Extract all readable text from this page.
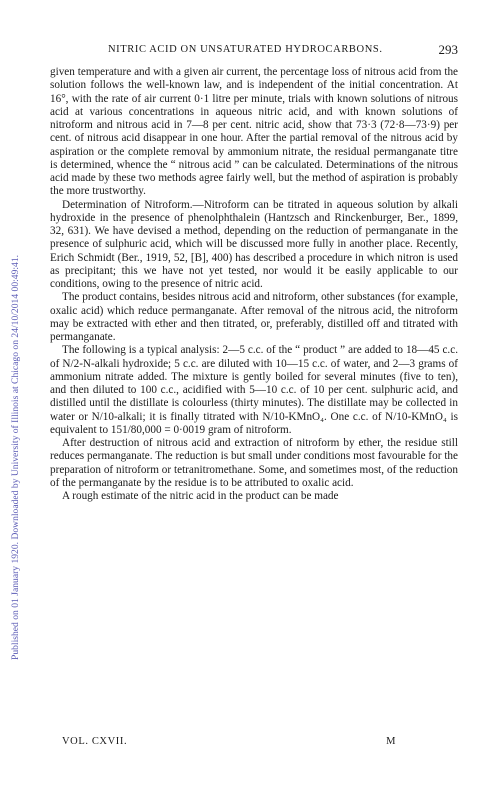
Published on 01 January 1920. Downloaded by University of Illinois at Chicago on 24/10/2014 00:49:41.
NITRIC ACID ON UNSATURATED HYDROCARBONS.	293

given temperature and with a given air current, the percentage loss of nitrous acid from the solution follows the well-known law, and is independent of the initial concentration. At 16°, with the rate of air current 0·1 litre per minute, trials with known solutions of nitrous acid at various concentrations in aqueous nitric acid, and with known solutions of nitroform and nitrous acid in 7—8 per cent. nitric acid, show that 73·3 (72·8—73·9) per cent. of nitrous acid disappear in one hour. After the partial removal of the nitrous acid by aspiration or the complete removal by ammonium nitrate, the residual permanganate titre is determined, whence the “ nitrous acid ” can be calculated. Determinations of the nitrous acid made by these two methods agree fairly well, but the method of aspiration is probably the more trustworthy.

Determination of Nitroform.—Nitroform can be titrated in aqueous solution by alkali hydroxide in the presence of phenolphthalein (Hantzsch and Rinckenburger, Ber., 1899, 32, 631). We have devised a method, depending on the reduction of permanganate in the presence of sulphuric acid, which will be discussed more fully in another place. Recently, Erich Schmidt (Ber., 1919, 52, [B], 400) has described a procedure in which nitron is used as precipitant; this we have not yet tested, nor would it be easily applicable to our conditions, owing to the presence of nitric acid.

The product contains, besides nitrous acid and nitroform, other substances (for example, oxalic acid) which reduce permanganate. After removal of the nitrous acid, the nitroform may be extracted with ether and then titrated, or, preferably, distilled off and titrated with permanganate.

The following is a typical analysis: 2—5 c.c. of the “ product ” are added to 18—45 c.c. of N/2-N-alkali hydroxide; 5 c.c. are diluted with 10—15 c.c. of water, and 2—3 grams of ammonium nitrate added. The mixture is gently boiled for several minutes (five to ten), and then diluted to 100 c.c., acidified with 5—10 c.c. of 10 per cent. sulphuric acid, and distilled until the distillate is colourless (thirty minutes). The distillate may be collected in water or N/10-alkali; it is finally titrated with N/10-KMnO₄. One c.c. of N/10-KMnO₄ is equivalent to 151/80,000 = 0·0019 gram of nitroform.

After destruction of nitrous acid and extraction of nitroform by ether, the residue still reduces permanganate. The reduction is but small under conditions most favourable for the preparation of nitroform or tetranitromethane. Some, and sometimes most, of the reduction of the permanganate by the residue is to be attributed to oxalic acid.

A rough estimate of the nitric acid in the product can be made

VOL. CXVII.	M
